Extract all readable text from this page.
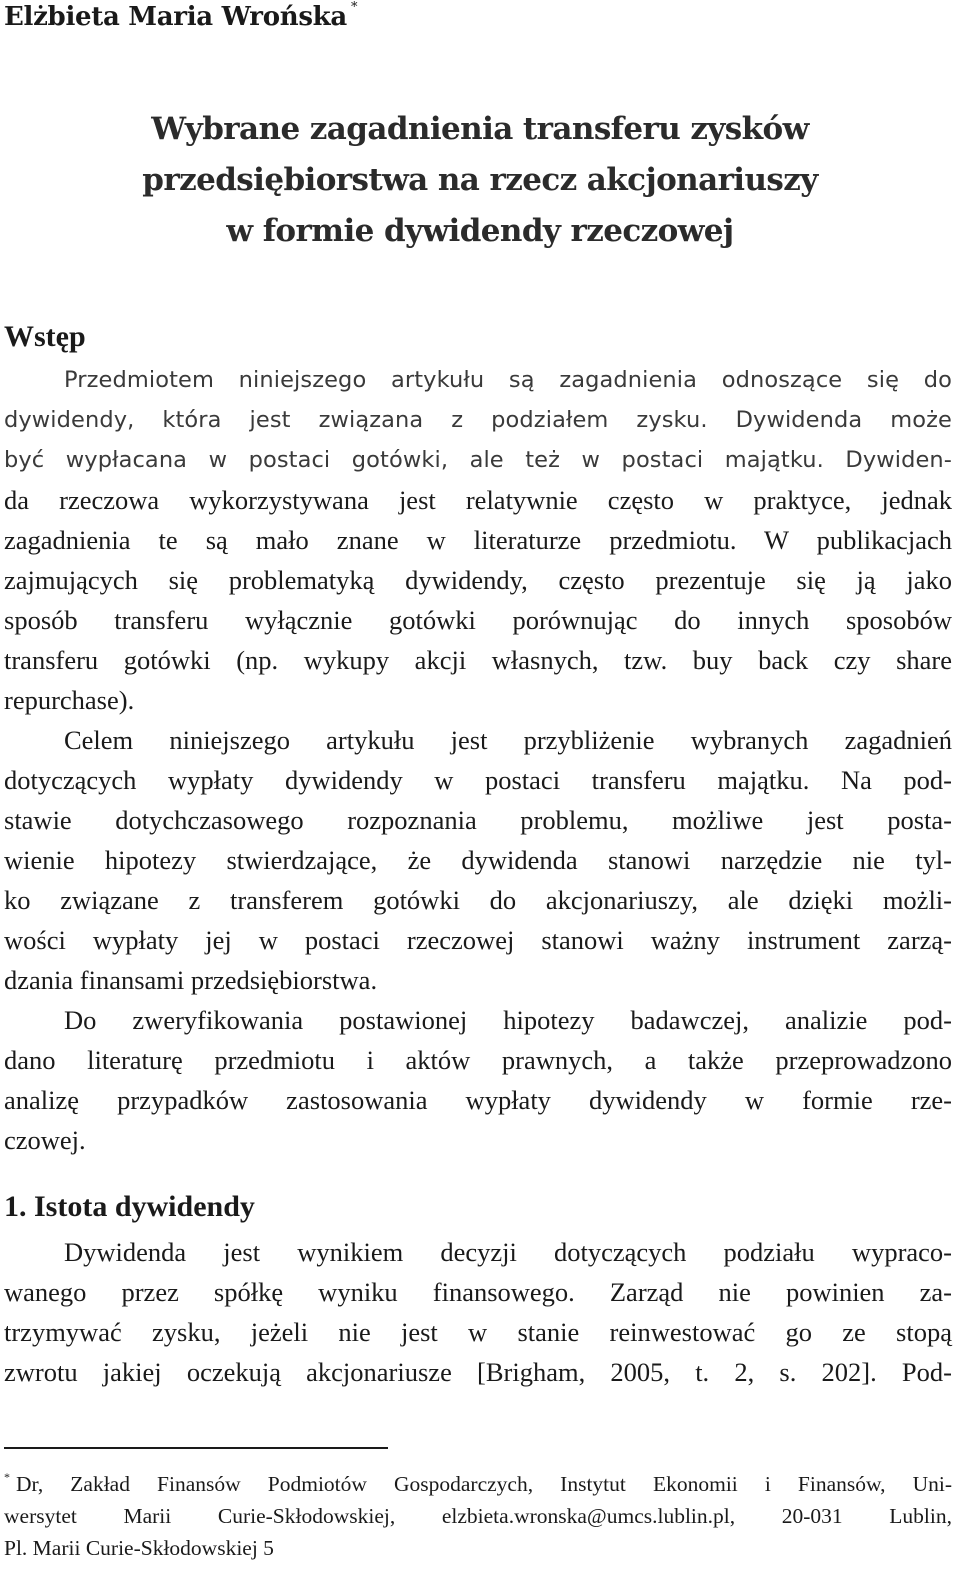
Elżbieta Maria Wrońska *
Wybrane zagadnienia transferu zysków
przedsiębiorstwa na rzecz akcjonariuszy
w formie dywidendy rzeczowej
Wstęp
Przedmiotem niniejszego artykułu są zagadnienia odnoszące się do
dywidendy, która jest związana z podziałem zysku. Dywidenda może
być wypłacana w postaci gotówki, ale też w postaci majątku. Dywiden-
da rzeczowa wykorzystywana jest relatywnie często w praktyce, jednak
zagadnienia te są mało znane w literaturze przedmiotu. W publikacjach
zajmujących się problematyką dywidendy, często prezentuje się ją jako
sposób transferu wyłącznie gotówki porównując do innych sposobów
transferu gotówki (np. wykupy akcji własnych, tzw. buy back czy share
repurchase).
Celem niniejszego artykułu jest przybliżenie wybranych zagadnień
dotyczących wypłaty dywidendy w postaci transferu majątku. Na pod-
stawie dotychczasowego rozpoznania problemu, możliwe jest posta-
wienie hipotezy stwierdzające, że dywidenda stanowi narzędzie nie tyl-
ko związane z transferem gotówki do akcjonariuszy, ale dzięki możli-
wości wypłaty jej w postaci rzeczowej stanowi ważny instrument zarzą-
dzania finansami przedsiębiorstwa.
Do zweryfikowania postawionej hipotezy badawczej, analizie pod-
dano literaturę przedmiotu i aktów prawnych, a także przeprowadzono
analizę przypadków zastosowania wypłaty dywidendy w formie rze-
czowej.
1. Istota dywidendy
Dywidenda jest wynikiem decyzji dotyczących podziału wypraco-
wanego przez spółkę wyniku finansowego. Zarząd nie powinien za-
trzymywać zysku, jeżeli nie jest w stanie reinwestować go ze stopą
zwrotu jakiej oczekują akcjonariusze [Brigham, 2005, t. 2, s. 202]. Pod-
* Dr, Zakład Finansów Podmiotów Gospodarczych, Instytut Ekonomii i Finansów, Uni-
wersytet Marii Curie-Skłodowskiej, elzbieta.wronska@umcs.lublin.pl, 20-031 Lublin,
Pl. Marii Curie-Skłodowskiej 5
